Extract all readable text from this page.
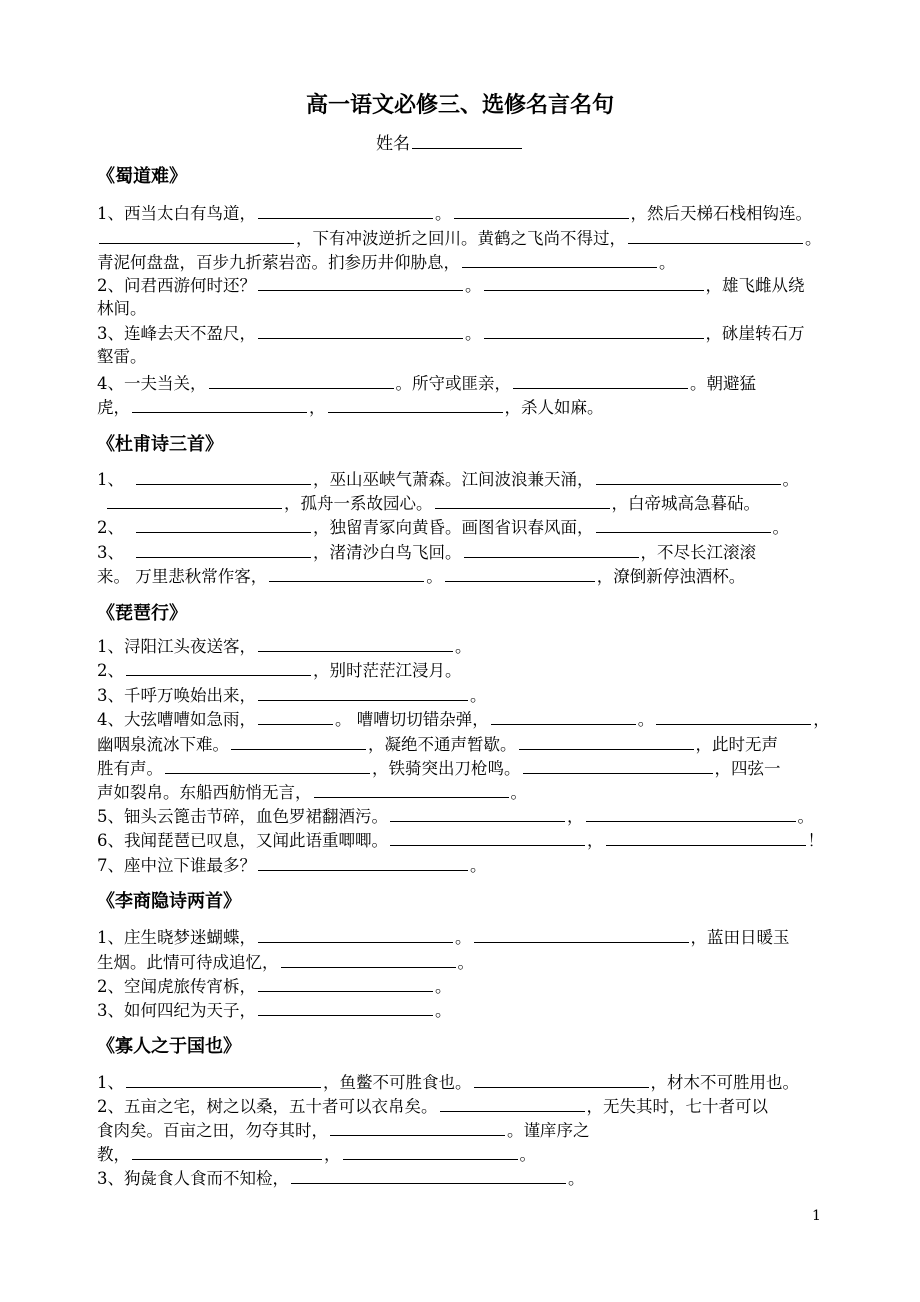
高一语文必修三、选修名言名句
姓名
《蜀道难》
《杜甫诗三首》
《琵琶行》
《李商隐诗两首》
《寡人之于国也》
1、西当太白有鸟道，	。	，然后天梯石栈相钩连。
，下有冲波逆折之回川。黄鹤之飞尚不得过，	。
青泥何盘盘，百步九折萦岩峦。扪参历井仰胁息，	。
2、问君西游何时还？	。	，雄飞雌从绕
林间。
3、连峰去天不盈尺，	。	，砯崖转石万
壑雷。
4、一夫当关，	。所守或匪亲，	。朝避猛
虎，	，	，杀人如麻。
1、	，巫山巫峡气萧森。江间波浪兼天涌，	。
，孤舟一系故园心。	，白帝城高急暮砧。
2、	，独留青冢向黄昏。画图省识春风面，	。
3、	，渚清沙白鸟飞回。	，不尽长江滚滚
来。 万里悲秋常作客，	。	，潦倒新停浊酒杯。
1、浔阳江头夜送客，	。
2、	，别时茫茫江浸月。
3、千呼万唤始出来，	。
4、大弦嘈嘈如急雨，	。 嘈嘈切切错杂弹，	。	，
幽咽泉流冰下难。	，凝绝不通声暂歇。	，此时无声
胜有声。	，铁骑突出刀枪鸣。	，四弦一
声如裂帛。东船西舫悄无言，	。
5、钿头云篦击节碎，血色罗裙翻酒污。	，	。
6、我闻琵琶已叹息，又闻此语重唧唧。	，	！
7、座中泣下谁最多？	。
1、庄生晓梦迷蝴蝶，	。	，蓝田日暖玉
生烟。此情可待成追忆，	。
2、空闻虎旅传宵柝，	。
3、如何四纪为天子，	。
1、	，鱼鳖不可胜食也。	，材木不可胜用也。
2、五亩之宅，树之以桑，五十者可以衣帛矣。	，无失其时，七十者可以
食肉矣。百亩之田，勿夺其时，	。谨庠序之
教，	，	。
3、狗彘食人食而不知检，	。
1
